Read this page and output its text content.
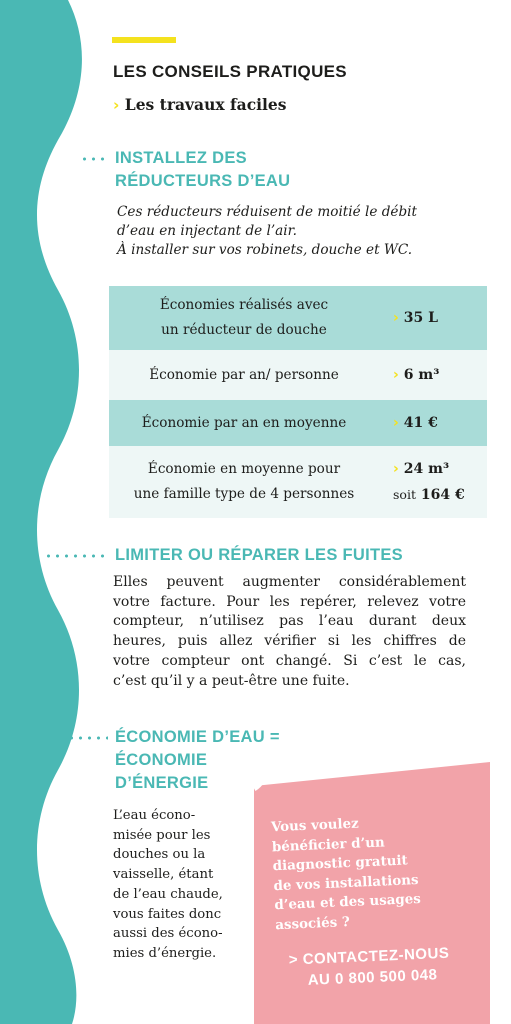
LES CONSEILS PRATIQUES
› Les travaux faciles
INSTALLEZ DES
RÉDUCTEURS D’EAU

Ces réducteurs réduisent de moitié le débit
d’eau en injectant de l’air.
À installer sur vos robinets, douche et WC.

Économies réalisés avec
un réducteur de douche
› 35 L
Économie par an/ personne	› 6 m³
Économie par an en moyenne	› 41 €
Économie en moyenne pour
une famille type de 4 personnes
› 24 m³
soit 164 €
LIMITER OU RÉPARER LES FUITES

Elles peuvent augmenter considérablement
votre facture. Pour les repérer, relevez votre
compteur, n’utilisez pas l’eau durant deux
heures, puis allez vérifier si les chiffres de
votre compteur ont changé. Si c’est le cas,
c’est qu’il y a peut-être une fuite.

ÉCONOMIE D’EAU =
ÉCONOMIE
D’ÉNERGIE

L’eau écono-
misée pour les
douches ou la
vaisselle, étant
de l’eau chaude,
vous faites donc
aussi des écono-
mies d’énergie.

Vous voulez
bénéficier d’un
diagnostic gratuit
de vos installations
d’eau et des usages
associés ?
> CONTACTEZ-NOUS
AU 0 800 500 048
